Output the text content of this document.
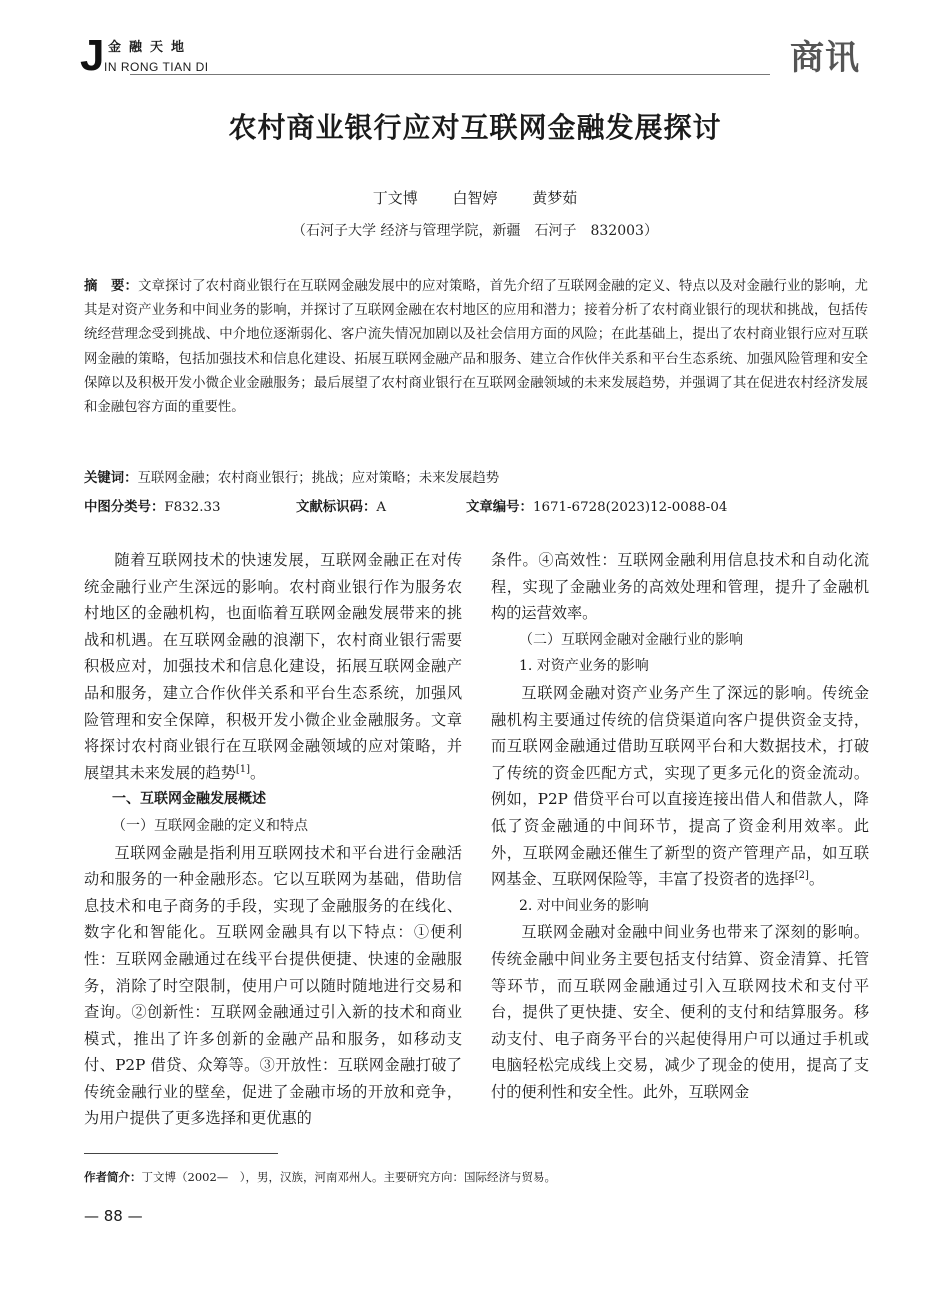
J 金融天地
IN RONG TIAN DI	商讯
农村商业银行应对互联网金融发展探讨
丁文博 白智婷 黄梦茹
（石河子大学 经济与管理学院，新疆　石河子　832003）
摘　要：文章探讨了农村商业银行在互联网金融发展中的应对策略，首先介绍了互联网金融的定义、特点以及对金融行业的影响，尤其是对资产业务和中间业务的影响，并探讨了互联网金融在农村地区的应用和潜力；接着分析了农村商业银行的现状和挑战，包括传统经营理念受到挑战、中介地位逐渐弱化、客户流失情况加剧以及社会信用方面的风险；在此基础上，提出了农村商业银行应对互联网金融的策略，包括加强技术和信息化建设、拓展互联网金融产品和服务、建立合作伙伴关系和平台生态系统、加强风险管理和安全保障以及积极开发小微企业金融服务；最后展望了农村商业银行在互联网金融领域的未来发展趋势，并强调了其在促进农村经济发展和金融包容方面的重要性。
关键词：互联网金融；农村商业银行；挑战；应对策略；未来发展趋势
中图分类号：F832.33	文献标识码：A	文章编号：1671-6728(2023)12-0088-04

随着互联网技术的快速发展，互联网金融正在对传统金融行业产生深远的影响。农村商业银行作为服务农村地区的金融机构，也面临着互联网金融发展带来的挑战和机遇。在互联网金融的浪潮下，农村商业银行需要积极应对，加强技术和信息化建设，拓展互联网金融产品和服务，建立合作伙伴关系和平台生态系统，加强风险管理和安全保障，积极开发小微企业金融服务。文章将探讨农村商业银行在互联网金融领域的应对策略，并展望其未来发展的趋势[1]。

一、互联网金融发展概述

（一）互联网金融的定义和特点

互联网金融是指利用互联网技术和平台进行金融活动和服务的一种金融形态。它以互联网为基础，借助信息技术和电子商务的手段，实现了金融服务的在线化、数字化和智能化。互联网金融具有以下特点：①便利性：互联网金融通过在线平台提供便捷、快速的金融服务，消除了时空限制，使用户可以随时随地进行交易和查询。②创新性：互联网金融通过引入新的技术和商业模式，推出了许多创新的金融产品和服务，如移动支付、P2P 借贷、众筹等。③开放性：互联网金融打破了传统金融行业的壁垒，促进了金融市场的开放和竞争，为用户提供了更多选择和更优惠的

条件。④高效性：互联网金融利用信息技术和自动化流程，实现了金融业务的高效处理和管理，提升了金融机构的运营效率。

（二）互联网金融对金融行业的影响

1. 对资产业务的影响

互联网金融对资产业务产生了深远的影响。传统金融机构主要通过传统的信贷渠道向客户提供资金支持，而互联网金融通过借助互联网平台和大数据技术，打破了传统的资金匹配方式，实现了更多元化的资金流动。例如，P2P 借贷平台可以直接连接出借人和借款人，降低了资金融通的中间环节，提高了资金利用效率。此外，互联网金融还催生了新型的资产管理产品，如互联网基金、互联网保险等，丰富了投资者的选择[2]。

2. 对中间业务的影响

互联网金融对金融中间业务也带来了深刻的影响。传统金融中间业务主要包括支付结算、资金清算、托管等环节，而互联网金融通过引入互联网技术和支付平台，提供了更快捷、安全、便利的支付和结算服务。移动支付、电子商务平台的兴起使得用户可以通过手机或电脑轻松完成线上交易，减少了现金的使用，提高了支付的便利性和安全性。此外，互联网金

作者简介：丁文博（2002—　），男，汉族，河南邓州人。主要研究方向：国际经济与贸易。
— 88 —
